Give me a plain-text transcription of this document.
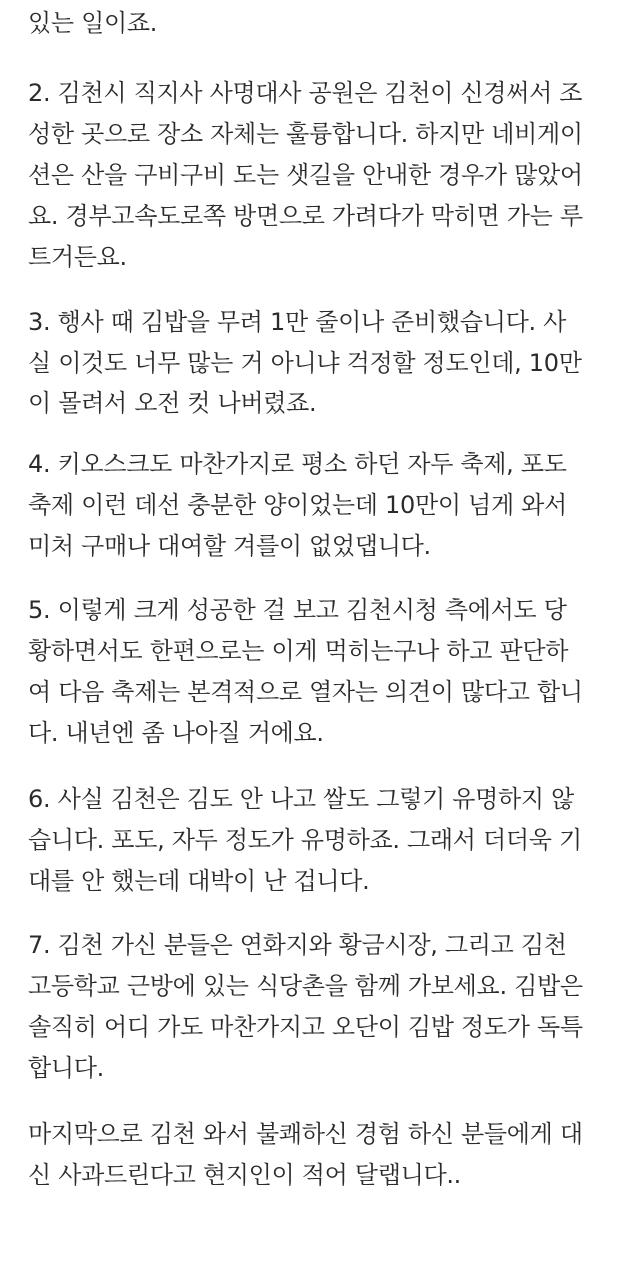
있는 일이죠.
2. 김천시 직지사 사명대사 공원은 김천이 신경써서 조
성한 곳으로 장소 자체는 훌륭합니다. 하지만 네비게이
션은 산을 구비구비 도는 샛길을 안내한 경우가 많았어
요. 경부고속도로쪽 방면으로 가려다가 막히면 가는 루
트거든요.
3. 행사 때 김밥을 무려 1만 줄이나 준비했습니다. 사
실 이것도 너무 많는 거 아니냐 걱정할 정도인데, 10만
이 몰려서 오전 컷 나버렸죠.
4. 키오스크도 마찬가지로 평소 하던 자두 축제, 포도
축제 이런 데선 충분한 양이었는데 10만이 넘게 와서
미처 구매나 대여할 겨를이 없었댑니다.
5. 이렇게 크게 성공한 걸 보고 김천시청 측에서도 당
황하면서도 한편으로는 이게 먹히는구나 하고 판단하
여 다음 축제는 본격적으로 열자는 의견이 많다고 합니
다. 내년엔 좀 나아질 거에요.
6. 사실 김천은 김도 안 나고 쌀도 그렇기 유명하지 않
습니다. 포도, 자두 정도가 유명하죠. 그래서 더더욱 기
대를 안 했는데 대박이 난 겁니다.
7. 김천 가신 분들은 연화지와 황금시장, 그리고 김천
고등학교 근방에 있는 식당촌을 함께 가보세요. 김밥은
솔직히 어디 가도 마찬가지고 오단이 김밥 정도가 독특
합니다.
마지막으로 김천 와서 불쾌하신 경험 하신 분들에게 대
신 사과드린다고 현지인이 적어 달랩니다..
